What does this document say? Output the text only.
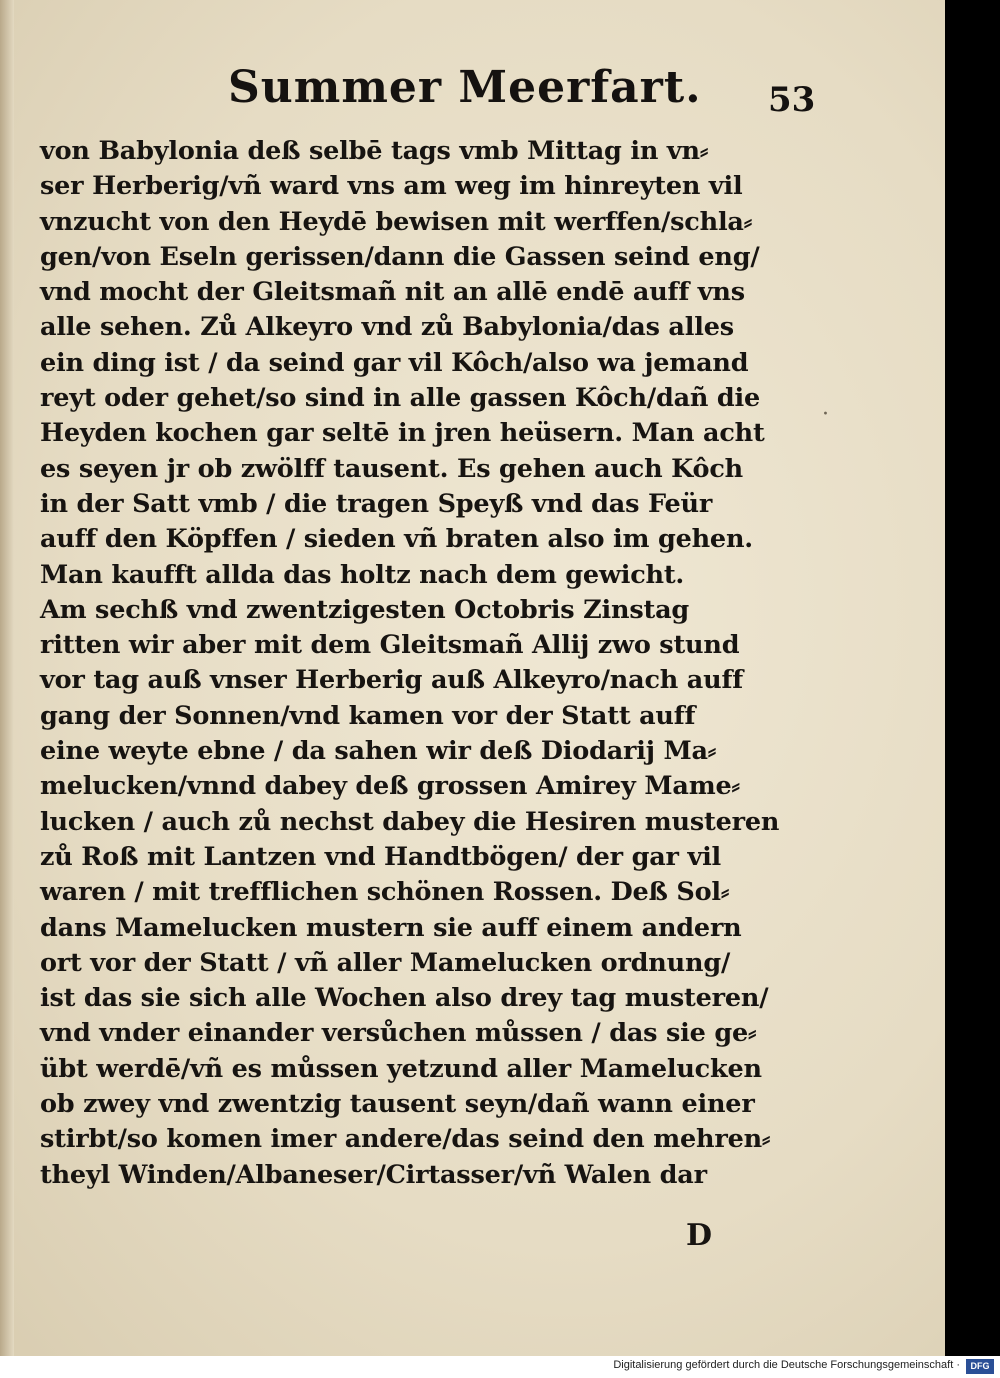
Summer Meerfart. 53
von Babylonia deß selbē tags vmb Mittag in vn⸗
ser Herberig/vñ ward vns am weg im hinreyten vil
vnzucht von den Heydē bewisen mit werffen/schla⸗
gen/von Eseln gerissen/dann die Gassen seind eng/
vnd mocht der Gleitsmañ nit an allē endē auff vns
alle sehen. Zů Alkeyro vnd zů Babylonia/das alles
ein ding ist / da seind gar vil Kôch/also wa jemand
reyt oder gehet/so sind in alle gassen Kôch/dañ die
Heyden kochen gar seltē in jren heüsern. Man acht
es seyen jr ob zwölff tausent. Es gehen auch Kôch
in der Satt vmb / die tragen Speyß vnd das Feür
auff den Köpffen / sieden vñ braten also im gehen.
Man kaufft allda das holtz nach dem gewicht.
Am sechß vnd zwentzigesten Octobris Zinstag
ritten wir aber mit dem Gleitsmañ Allij zwo stund
vor tag auß vnser Herberig auß Alkeyro/nach auff
gang der Sonnen/vnd kamen vor der Statt auff
eine weyte ebne / da sahen wir deß Diodarij Ma⸗
melucken/vnnd dabey deß grossen Amirey Mame⸗
lucken / auch zů nechst dabey die Hesiren musteren
zů Roß mit Lantzen vnd Handtbögen/ der gar vil
waren / mit trefflichen schönen Rossen. Deß Sol⸗
dans Mamelucken mustern sie auff einem andern
ort vor der Statt / vñ aller Mamelucken ordnung/
ist das sie sich alle Wochen also drey tag musteren/
vnd vnder einander versůchen můssen / das sie ge⸗
übt werdē/vñ es můssen yetzund aller Mamelucken
ob zwey vnd zwentzig tausent seyn/dañ wann einer
stirbt/so komen imer andere/das seind den mehren⸗
theyl Winden/Albaneser/Cirtasser/vñ Walen dar
·
D
Digitalisierung gefördert durch die Deutsche Forschungsgemeinschaft ·	DFG
